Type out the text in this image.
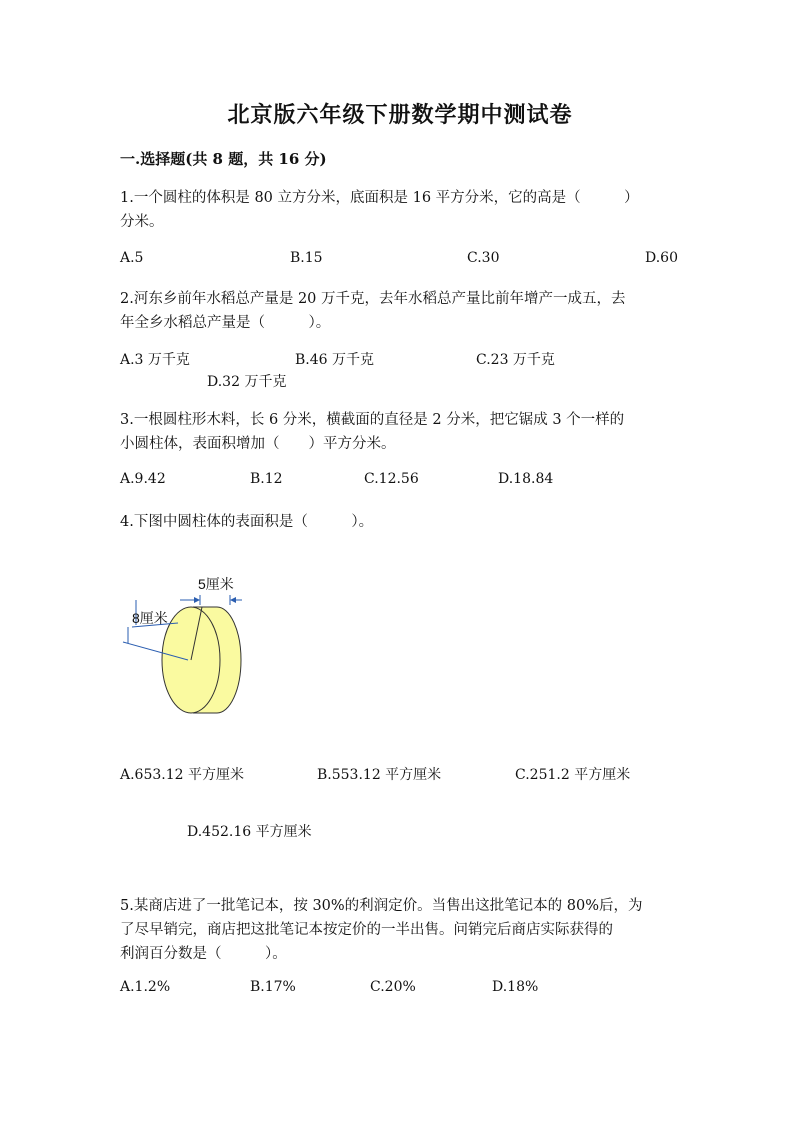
北京版六年级下册数学期中测试卷
一.选择题(共 8 题，共 16 分)
1.一个圆柱的体积是 80 立方分米，底面积是 16 平方分米，它的高是（　　　）
分米。
A.5	B.15	C.30	D.60
2.河东乡前年水稻总产量是 20 万千克，去年水稻总产量比前年增产一成五，去
年全乡水稻总产量是（　　　）。
A.3 万千克	B.46 万千克	C.23 万千克
D.32 万千克
3.一根圆柱形木料，长 6 分米，横截面的直径是 2 分米，把它锯成 3 个一样的
小圆柱体，表面积增加（　　）平方分米。
A.9.42	B.12	C.12.56	D.18.84
4.下图中圆柱体的表面积是（　　　）。
5厘米
8厘米
A.653.12 平方厘米	B.553.12 平方厘米	C.251.2 平方厘米
D.452.16 平方厘米
5.某商店进了一批笔记本，按 30%的利润定价。当售出这批笔记本的 80%后，为
了尽早销完，商店把这批笔记本按定价的一半出售。问销完后商店实际获得的
利润百分数是（　　　）。
A.1.2%	B.17%	C.20%	D.18%
